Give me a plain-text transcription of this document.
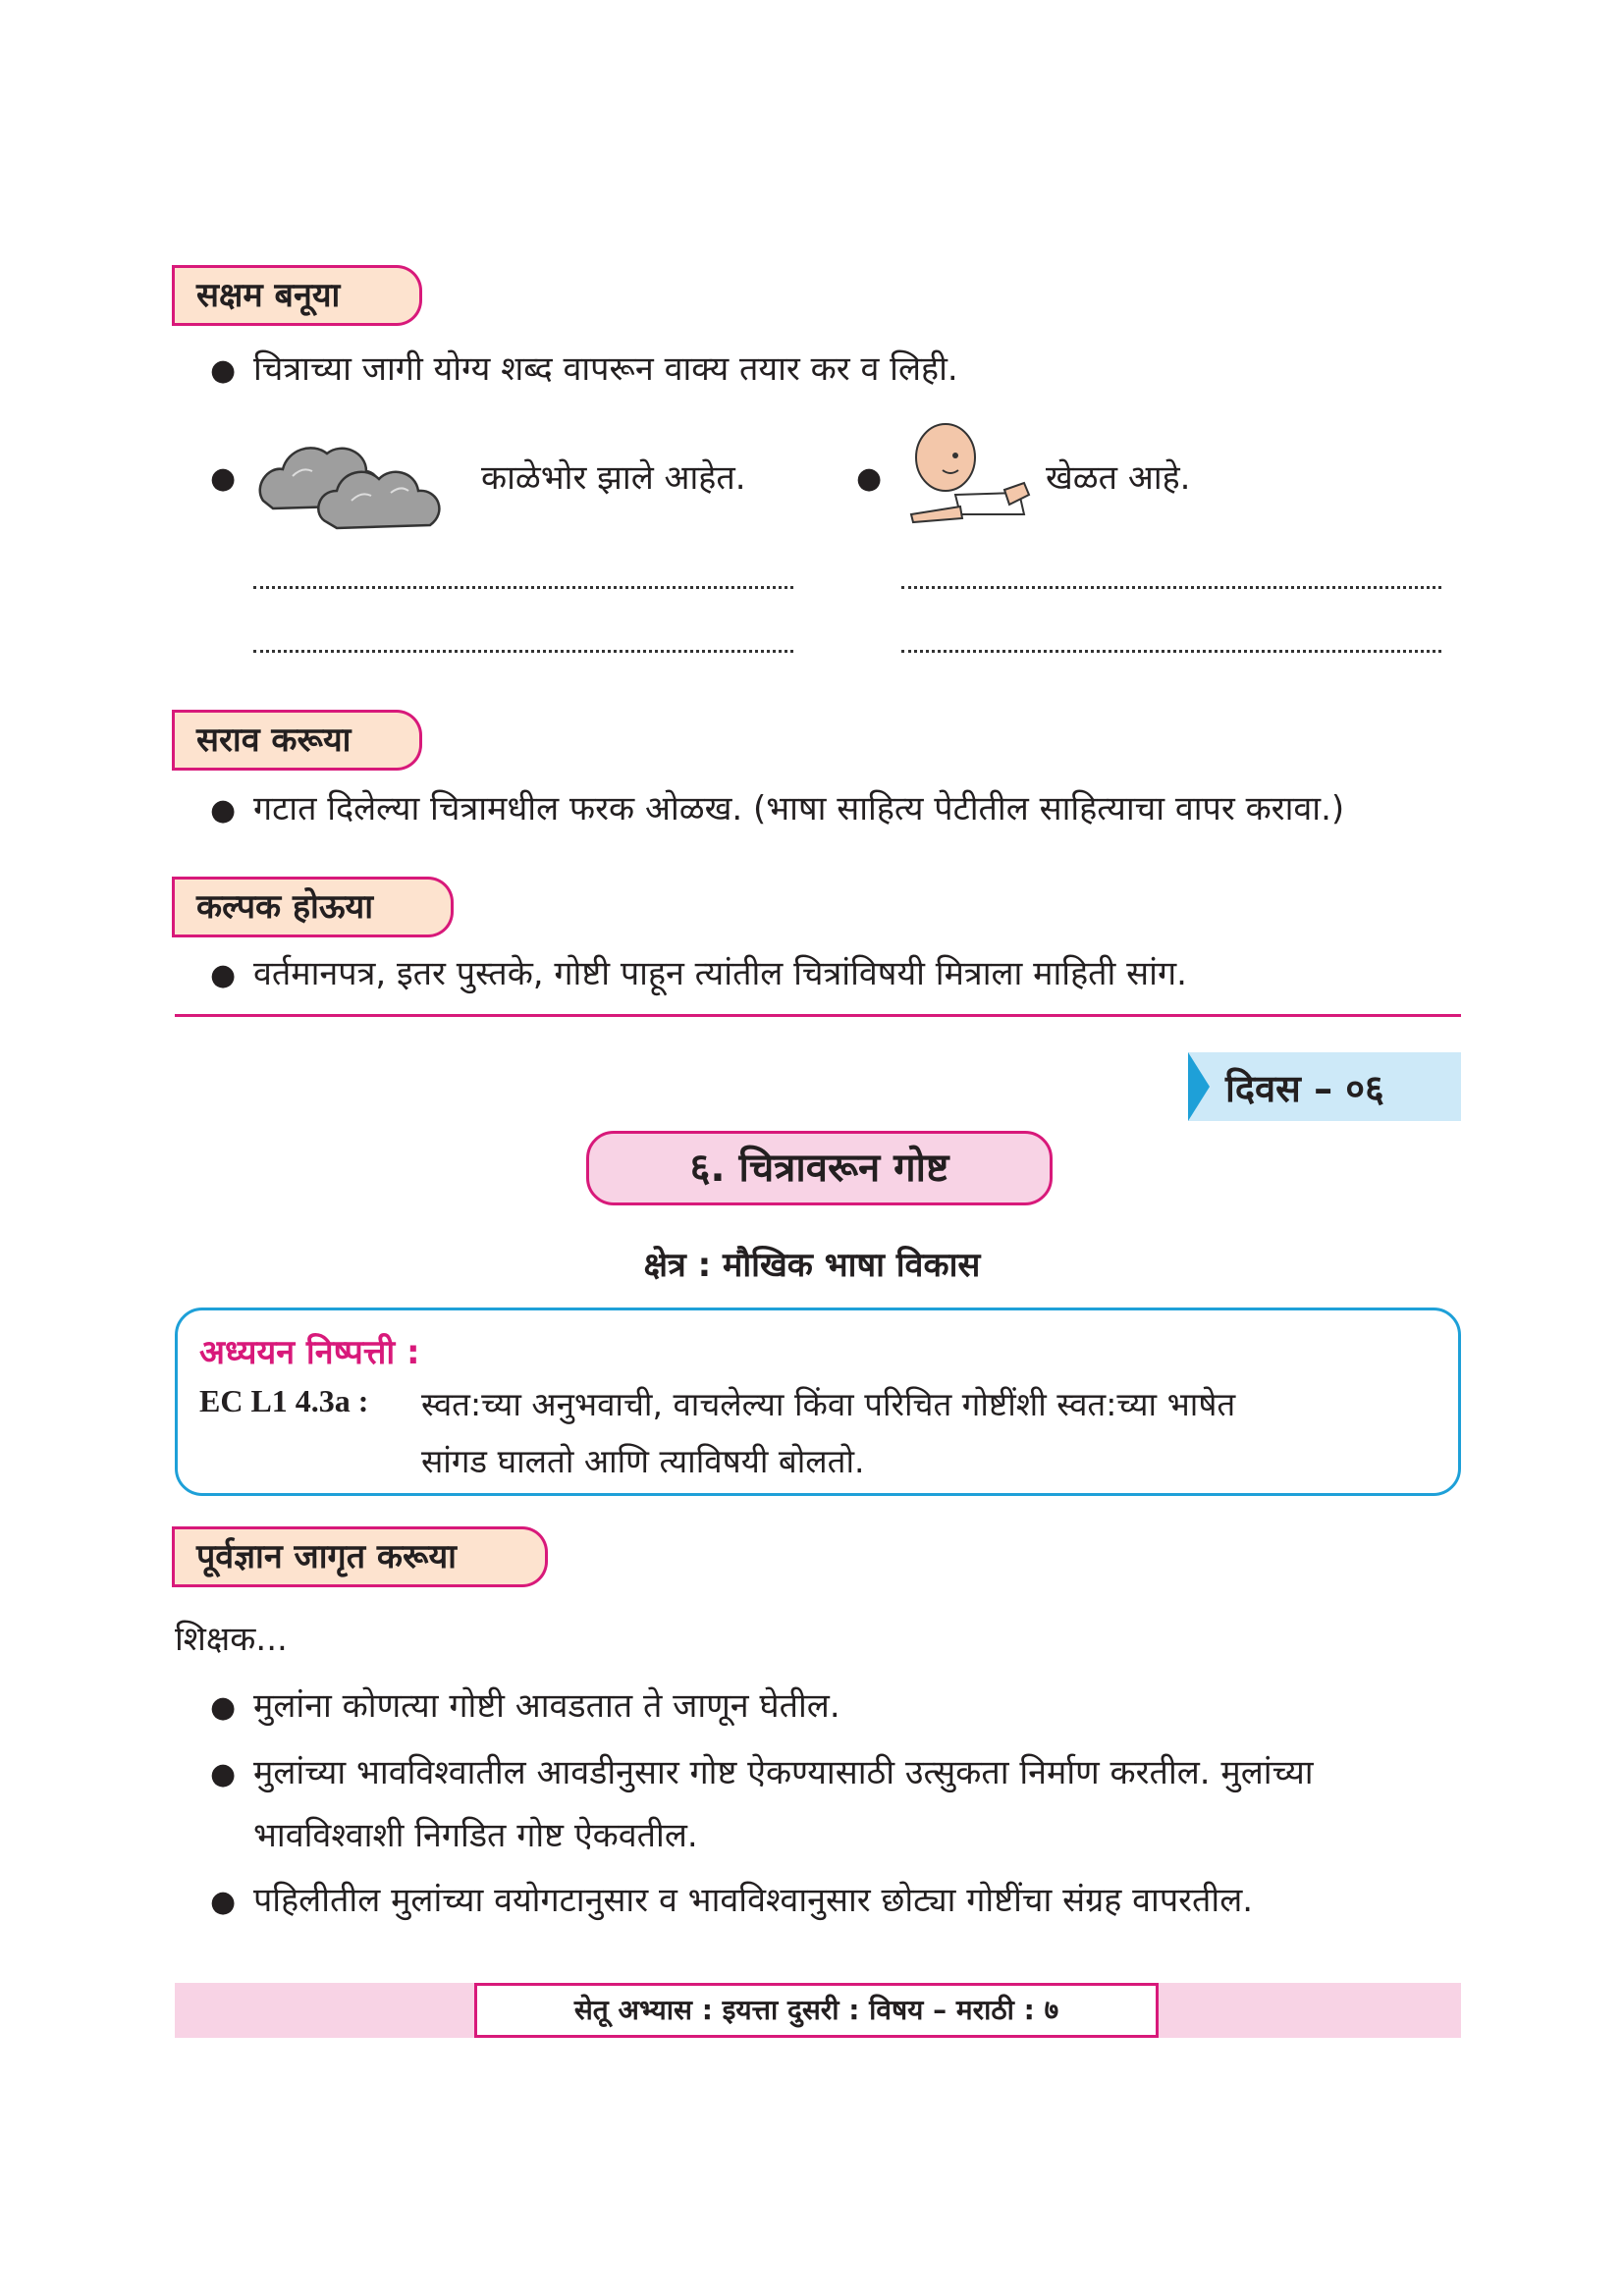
सक्षम बनूया
● चित्राच्या जागी योग्य शब्द वापरून वाक्य तयार कर व लिही.
●	काळेभोर झाले आहेत.	●	खेळत आहे.
सराव करूया
● गटात दिलेल्या चित्रामधील फरक ओळख. (भाषा साहित्य पेटीतील साहित्याचा वापर करावा.)
कल्पक होऊया
● वर्तमानपत्र, इतर पुस्तके, गोष्टी पाहून त्यांतील चित्रांविषयी मित्राला माहिती सांग.
दिवस – ०६
६. चित्रावरून गोष्ट
क्षेत्र : मौखिक भाषा विकास
अध्ययन निष्पत्ती :
EC L1 4.3a : स्वत:च्या अनुभवाची, वाचलेल्या किंवा परिचित गोष्टींशी स्वत:च्या भाषेत
सांगड घालतो आणि त्याविषयी बोलतो.
पूर्वज्ञान जागृत करूया
शिक्षक...
● मुलांना कोणत्या गोष्टी आवडतात ते जाणून घेतील.
● मुलांच्या भावविश्वातील आवडीनुसार गोष्ट ऐकण्यासाठी उत्सुकता निर्माण करतील. मुलांच्या
भावविश्वाशी निगडित गोष्ट ऐकवतील.
● पहिलीतील मुलांच्या वयोगटानुसार व भावविश्वानुसार छोट्या गोष्टींचा संग्रह वापरतील.
सेतू अभ्यास : इयत्ता दुसरी : विषय – मराठी : ७
